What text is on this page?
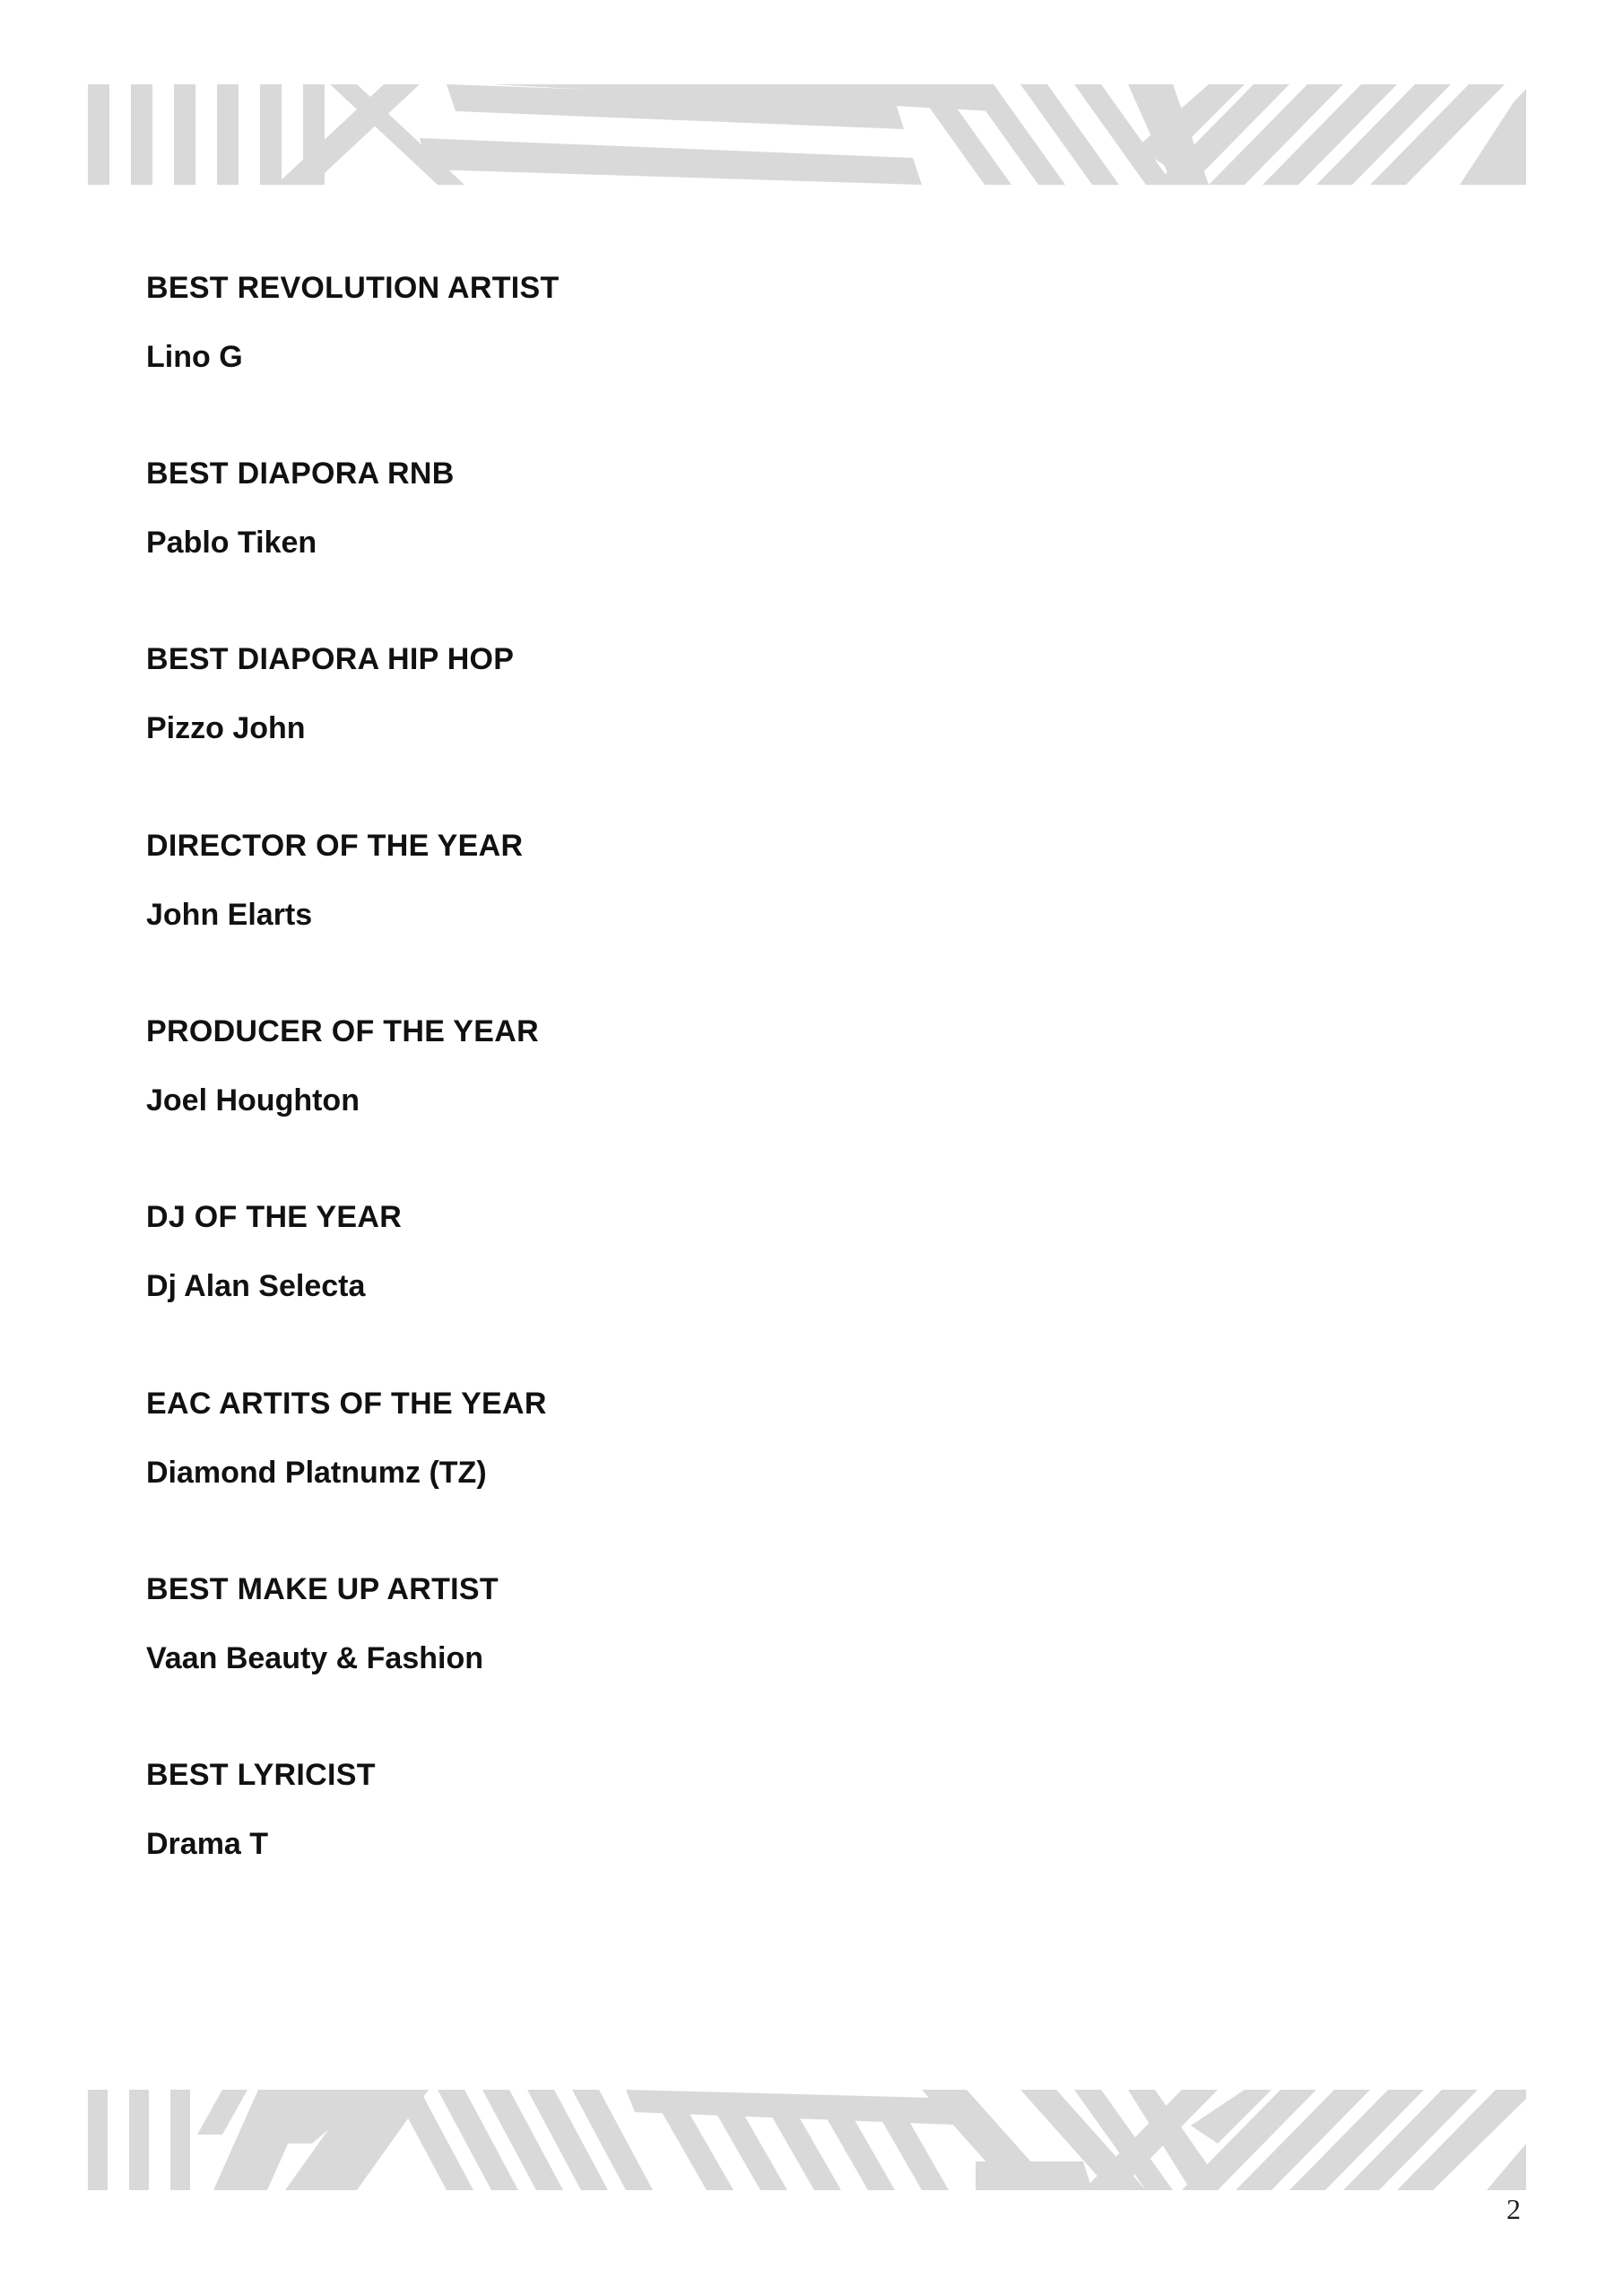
BEST REVOLUTION ARTIST
Lino G
BEST DIAPORA RNB
Pablo Tiken
BEST DIAPORA HIP HOP
Pizzo John
DIRECTOR OF THE YEAR
John Elarts
PRODUCER OF THE YEAR
Joel Houghton
DJ OF THE YEAR
Dj Alan Selecta
EAC ARTITS OF THE YEAR
Diamond Platnumz (TZ)
BEST MAKE UP ARTIST
Vaan Beauty & Fashion
BEST LYRICIST
Drama T
2
